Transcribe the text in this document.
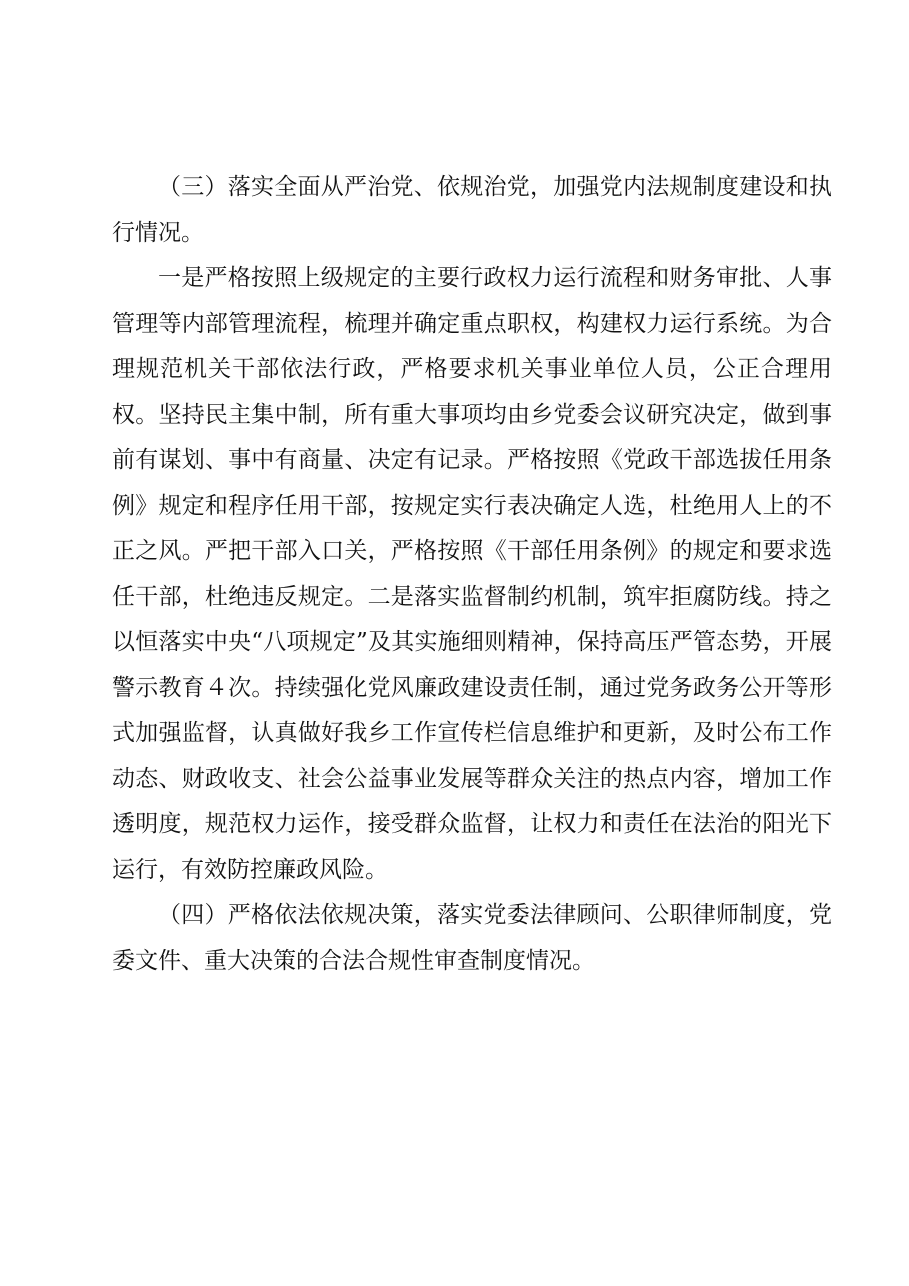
（三）落实全面从严治党、依规治党，加强党内法规制度建设和执行情况。

一是严格按照上级规定的主要行政权力运行流程和财务审批、人事管理等内部管理流程，梳理并确定重点职权，构建权力运行系统。为合理规范机关干部依法行政，严格要求机关事业单位人员，公正合理用权。坚持民主集中制，所有重大事项均由乡党委会议研究决定，做到事前有谋划、事中有商量、决定有记录。严格按照《党政干部选拔任用条例》规定和程序任用干部，按规定实行表决确定人选，杜绝用人上的不正之风。严把干部入口关，严格按照《干部任用条例》的规定和要求选任干部，杜绝违反规定。二是落实监督制约机制，筑牢拒腐防线。持之以恒落实中央“八项规定”及其实施细则精神，保持高压严管态势，开展警示教育４次。持续强化党风廉政建设责任制，通过党务政务公开等形式加强监督，认真做好我乡工作宣传栏信息维护和更新，及时公布工作动态、财政收支、社会公益事业发展等群众关注的热点内容，增加工作透明度，规范权力运作，接受群众监督，让权力和责任在法治的阳光下运行，有效防控廉政风险。

（四）严格依法依规决策，落实党委法律顾问、公职律师制度，党委文件、重大决策的合法合规性审查制度情况。
